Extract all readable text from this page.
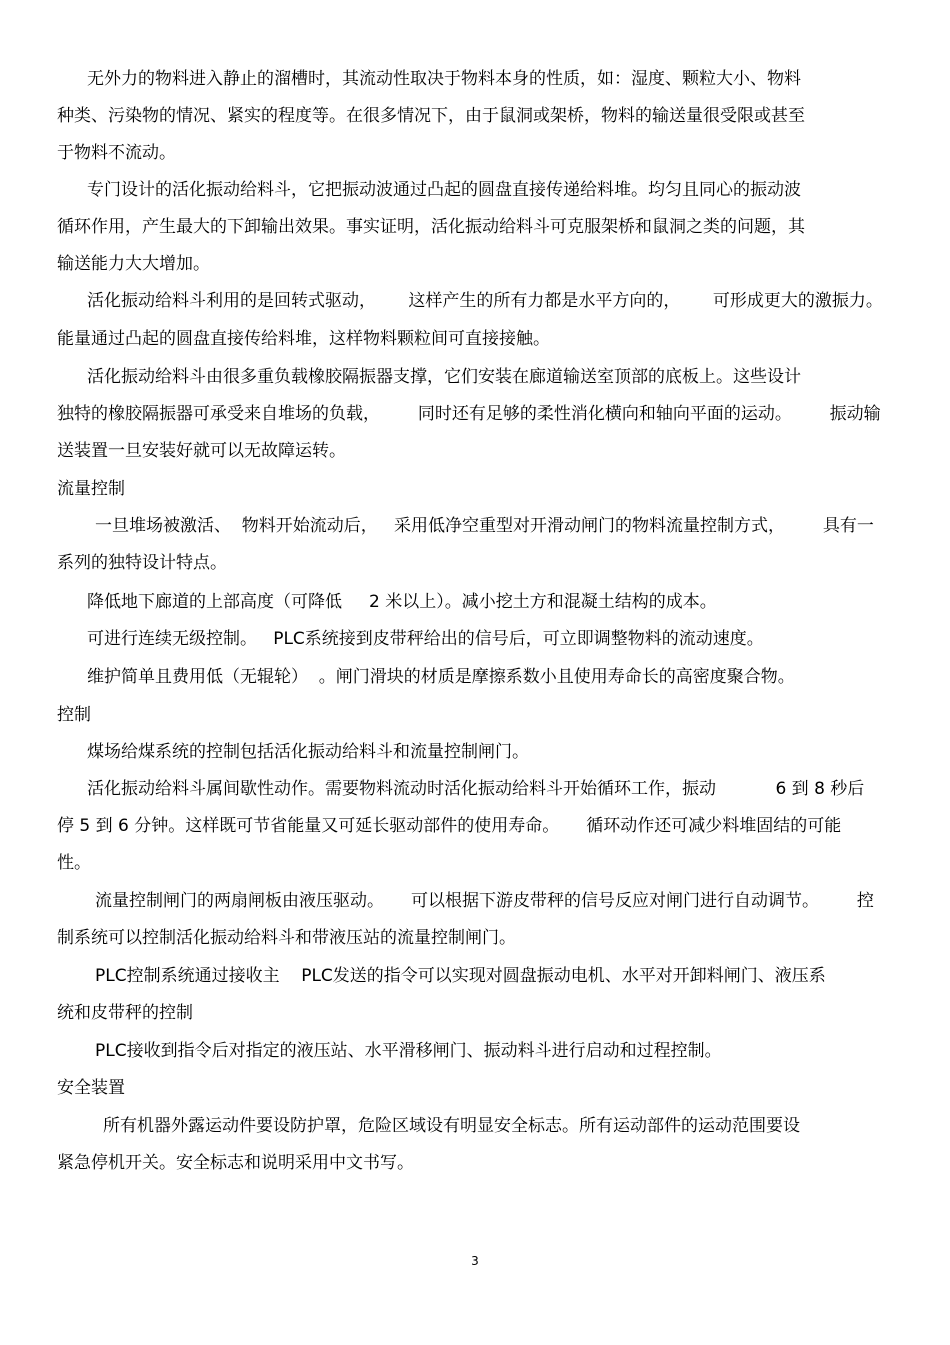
无外力的物料进入静止的溜槽时，其流动性取决于物料本身的性质，如：湿度、颗粒大小、物料
种类、污染物的情况、紧实的程度等。在很多情况下，由于鼠洞或架桥，物料的输送量很受限或甚至
于物料不流动。
专门设计的活化振动给料斗，它把振动波通过凸起的圆盘直接传递给料堆。均匀且同心的振动波
循环作用，产生最大的下卸输出效果。事实证明，活化振动给料斗可克服架桥和鼠洞之类的问题，其
输送能力大大增加。
活化振动给料斗利用的是回转式驱动，      这样产生的所有力都是水平方向的，      可形成更大的激振力。
能量通过凸起的圆盘直接传给料堆，这样物料颗粒间可直接接触。
活化振动给料斗由很多重负载橡胶隔振器支撑，它们安装在廊道输送室顶部的底板上。这些设计
独特的橡胶隔振器可承受来自堆场的负载，       同时还有足够的柔性消化横向和轴向平面的运动。       振动输
送装置一旦安装好就可以无故障运转。
流量控制
一旦堆场被激活、  物料开始流动后，   采用低净空重型对开滑动闸门的物料流量控制方式，       具有一
系列的独特设计特点。
降低地下廊道的上部高度（可降低     2 米以上）。减小挖土方和混凝土结构的成本。
可进行连续无级控制。   PLC系统接到皮带秤给出的信号后，可立即调整物料的流动速度。
维护简单且费用低（无辊轮）  。闸门滑块的材质是摩擦系数小且使用寿命长的高密度聚合物。
控制
煤场给煤系统的控制包括活化振动给料斗和流量控制闸门。
活化振动给料斗属间歇性动作。需要物料流动时活化振动给料斗开始循环工作，振动           6 到 8 秒后
停 5 到 6 分钟。这样既可节省能量又可延长驱动部件的使用寿命。     循环动作还可减少料堆固结的可能
性。
流量控制闸门的两扇闸板由液压驱动。     可以根据下游皮带秤的信号反应对闸门进行自动调节。       控
制系统可以控制活化振动给料斗和带液压站的流量控制闸门。
PLC控制系统通过接收主    PLC发送的指令可以实现对圆盘振动电机、水平对开卸料闸门、液压系
统和皮带秤的控制
PLC接收到指令后对指定的液压站、水平滑移闸门、振动料斗进行启动和过程控制。
安全装置
所有机器外露运动件要设防护罩，危险区域设有明显安全标志。所有运动部件的运动范围要设
紧急停机开关。安全标志和说明采用中文书写。
3
